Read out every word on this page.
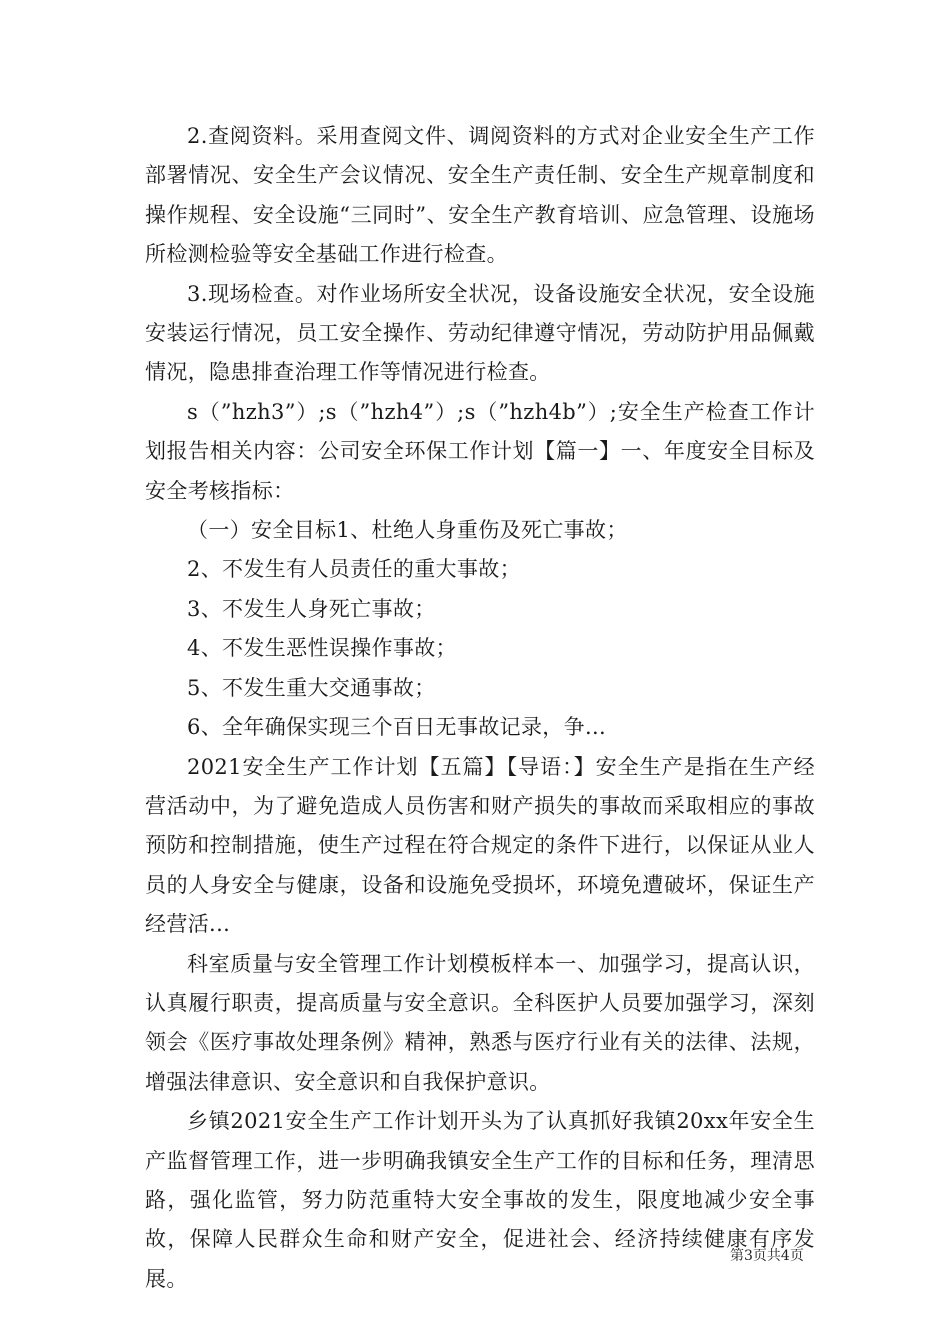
2.查阅资料。采用查阅文件、调阅资料的方式对企业安全生产工作部署情况、安全生产会议情况、安全生产责任制、安全生产规章制度和操作规程、安全设施“三同时”、安全生产教育培训、应急管理、设施场所检测检验等安全基础工作进行检查。

3.现场检查。对作业场所安全状况，设备设施安全状况，安全设施安装运行情况，员工安全操作、劳动纪律遵守情况，劳动防护用品佩戴情况，隐患排查治理工作等情况进行检查。

s（”hzh3”）;s（”hzh4”）;s（”hzh4b”）;安全生产检查工作计划报告相关内容：公司安全环保工作计划【篇一】一、年度安全目标及安全考核指标：

（一）安全目标1、杜绝人身重伤及死亡事故；

2、不发生有人员责任的重大事故；

3、不发生人身死亡事故；

4、不发生恶性误操作事故；

5、不发生重大交通事故；

6、全年确保实现三个百日无事故记录，争...

2021安全生产工作计划【五篇】【导语：】安全生产是指在生产经营活动中，为了避免造成人员伤害和财产损失的事故而采取相应的事故预防和控制措施，使生产过程在符合规定的条件下进行，以保证从业人员的人身安全与健康，设备和设施免受损坏，环境免遭破坏，保证生产经营活...

科室质量与安全管理工作计划模板样本一、加强学习，提高认识，认真履行职责，提高质量与安全意识。全科医护人员要加强学习，深刻领会《医疗事故处理条例》精神，熟悉与医疗行业有关的法律、法规，增强法律意识、安全意识和自我保护意识。

乡镇2021安全生产工作计划开头为了认真抓好我镇20xx年安全生产监督管理工作，进一步明确我镇安全生产工作的目标和任务，理清思路，强化监管，努力防范重特大安全事故的发生，限度地减少安全事故，保障人民群众生命和财产安全，促进社会、经济持续健康有序发展。

第3页共4页
